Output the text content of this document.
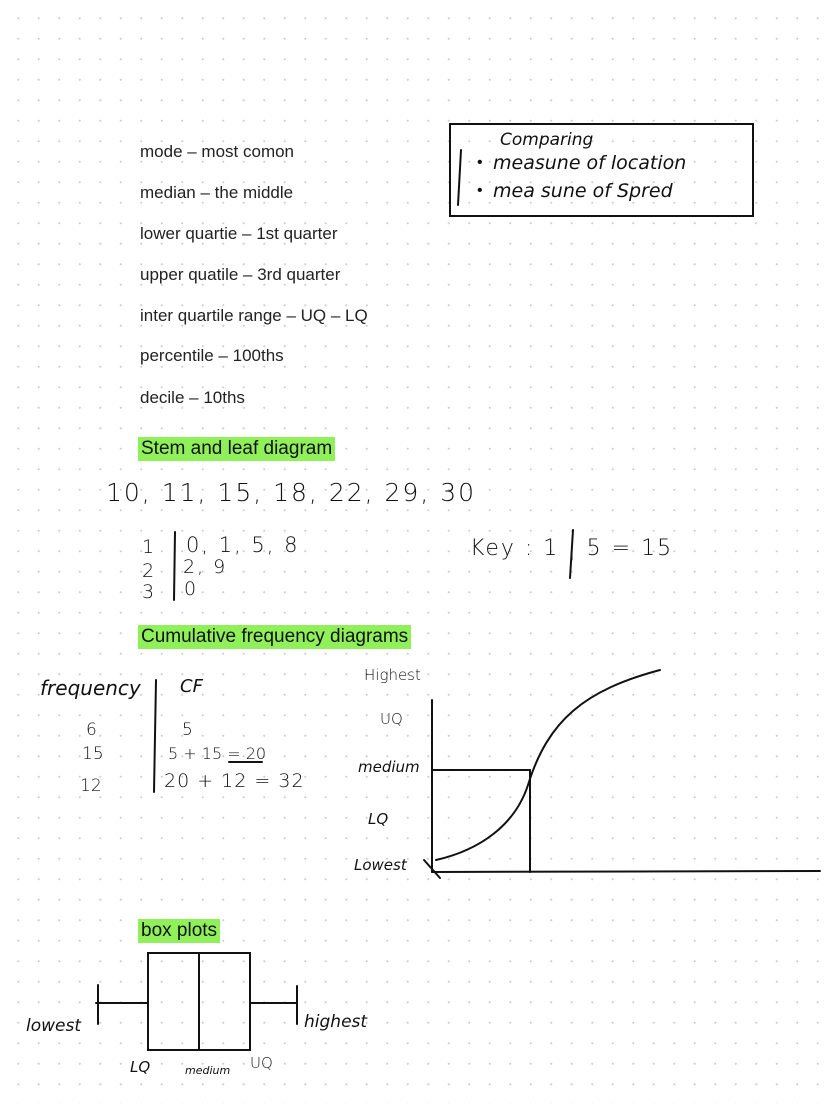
mode – most comon
median – the middle
lower quartie – 1st quarter
upper quatile – 3rd quarter
inter quartile range – UQ – LQ
percentile – 100ths
decile – 10ths
Comparing
• measune of location
• mea sune of Spred
Stem and leaf diagram
10, 11, 15, 18, 22, 29, 30
1
2
3
0, 1, 5, 8
2, 9
0
Key : 1 | 5 = 15
Cumulative frequency diagrams
frequency CF
6
15
12
5
5 + 15 = 20
20 + 12 = 32
Highest
UQ
medium
LQ
Lowest
box plots
lowest	highest
LQ	medium UQ
